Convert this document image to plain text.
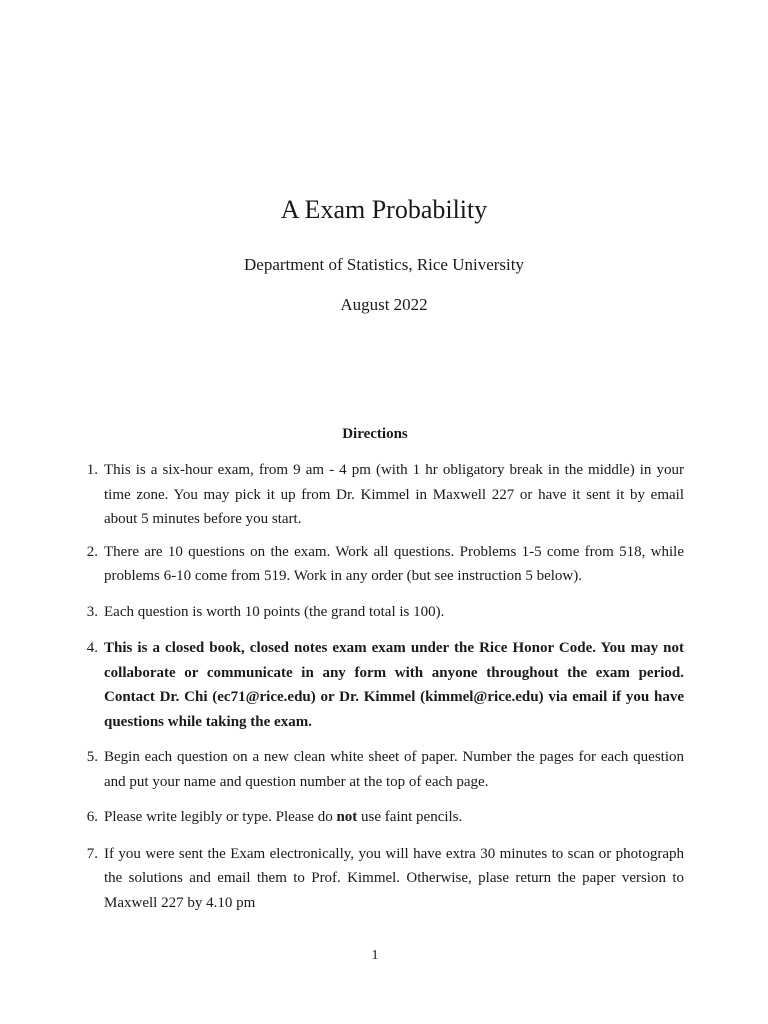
A Exam Probability
Department of Statistics, Rice University
August 2022
Directions
1. This is a six-hour exam, from 9 am - 4 pm (with 1 hr obligatory break in the middle) in your time zone. You may pick it up from Dr. Kimmel in Maxwell 227 or have it sent it by email about 5 minutes before you start.
2. There are 10 questions on the exam. Work all questions. Problems 1-5 come from 518, while problems 6-10 come from 519. Work in any order (but see instruction 5 below).
3. Each question is worth 10 points (the grand total is 100).
4. This is a closed book, closed notes exam exam under the Rice Honor Code. You may not collaborate or communicate in any form with anyone throughout the exam period. Contact Dr. Chi (ec71@rice.edu) or Dr. Kimmel (kimmel@rice.edu) via email if you have questions while taking the exam.
5. Begin each question on a new clean white sheet of paper. Number the pages for each question and put your name and question number at the top of each page.
6. Please write legibly or type. Please do not use faint pencils.
7. If you were sent the Exam electronically, you will have extra 30 minutes to scan or photograph the solutions and email them to Prof. Kimmel. Otherwise, plase return the paper version to Maxwell 227 by 4.10 pm
1
